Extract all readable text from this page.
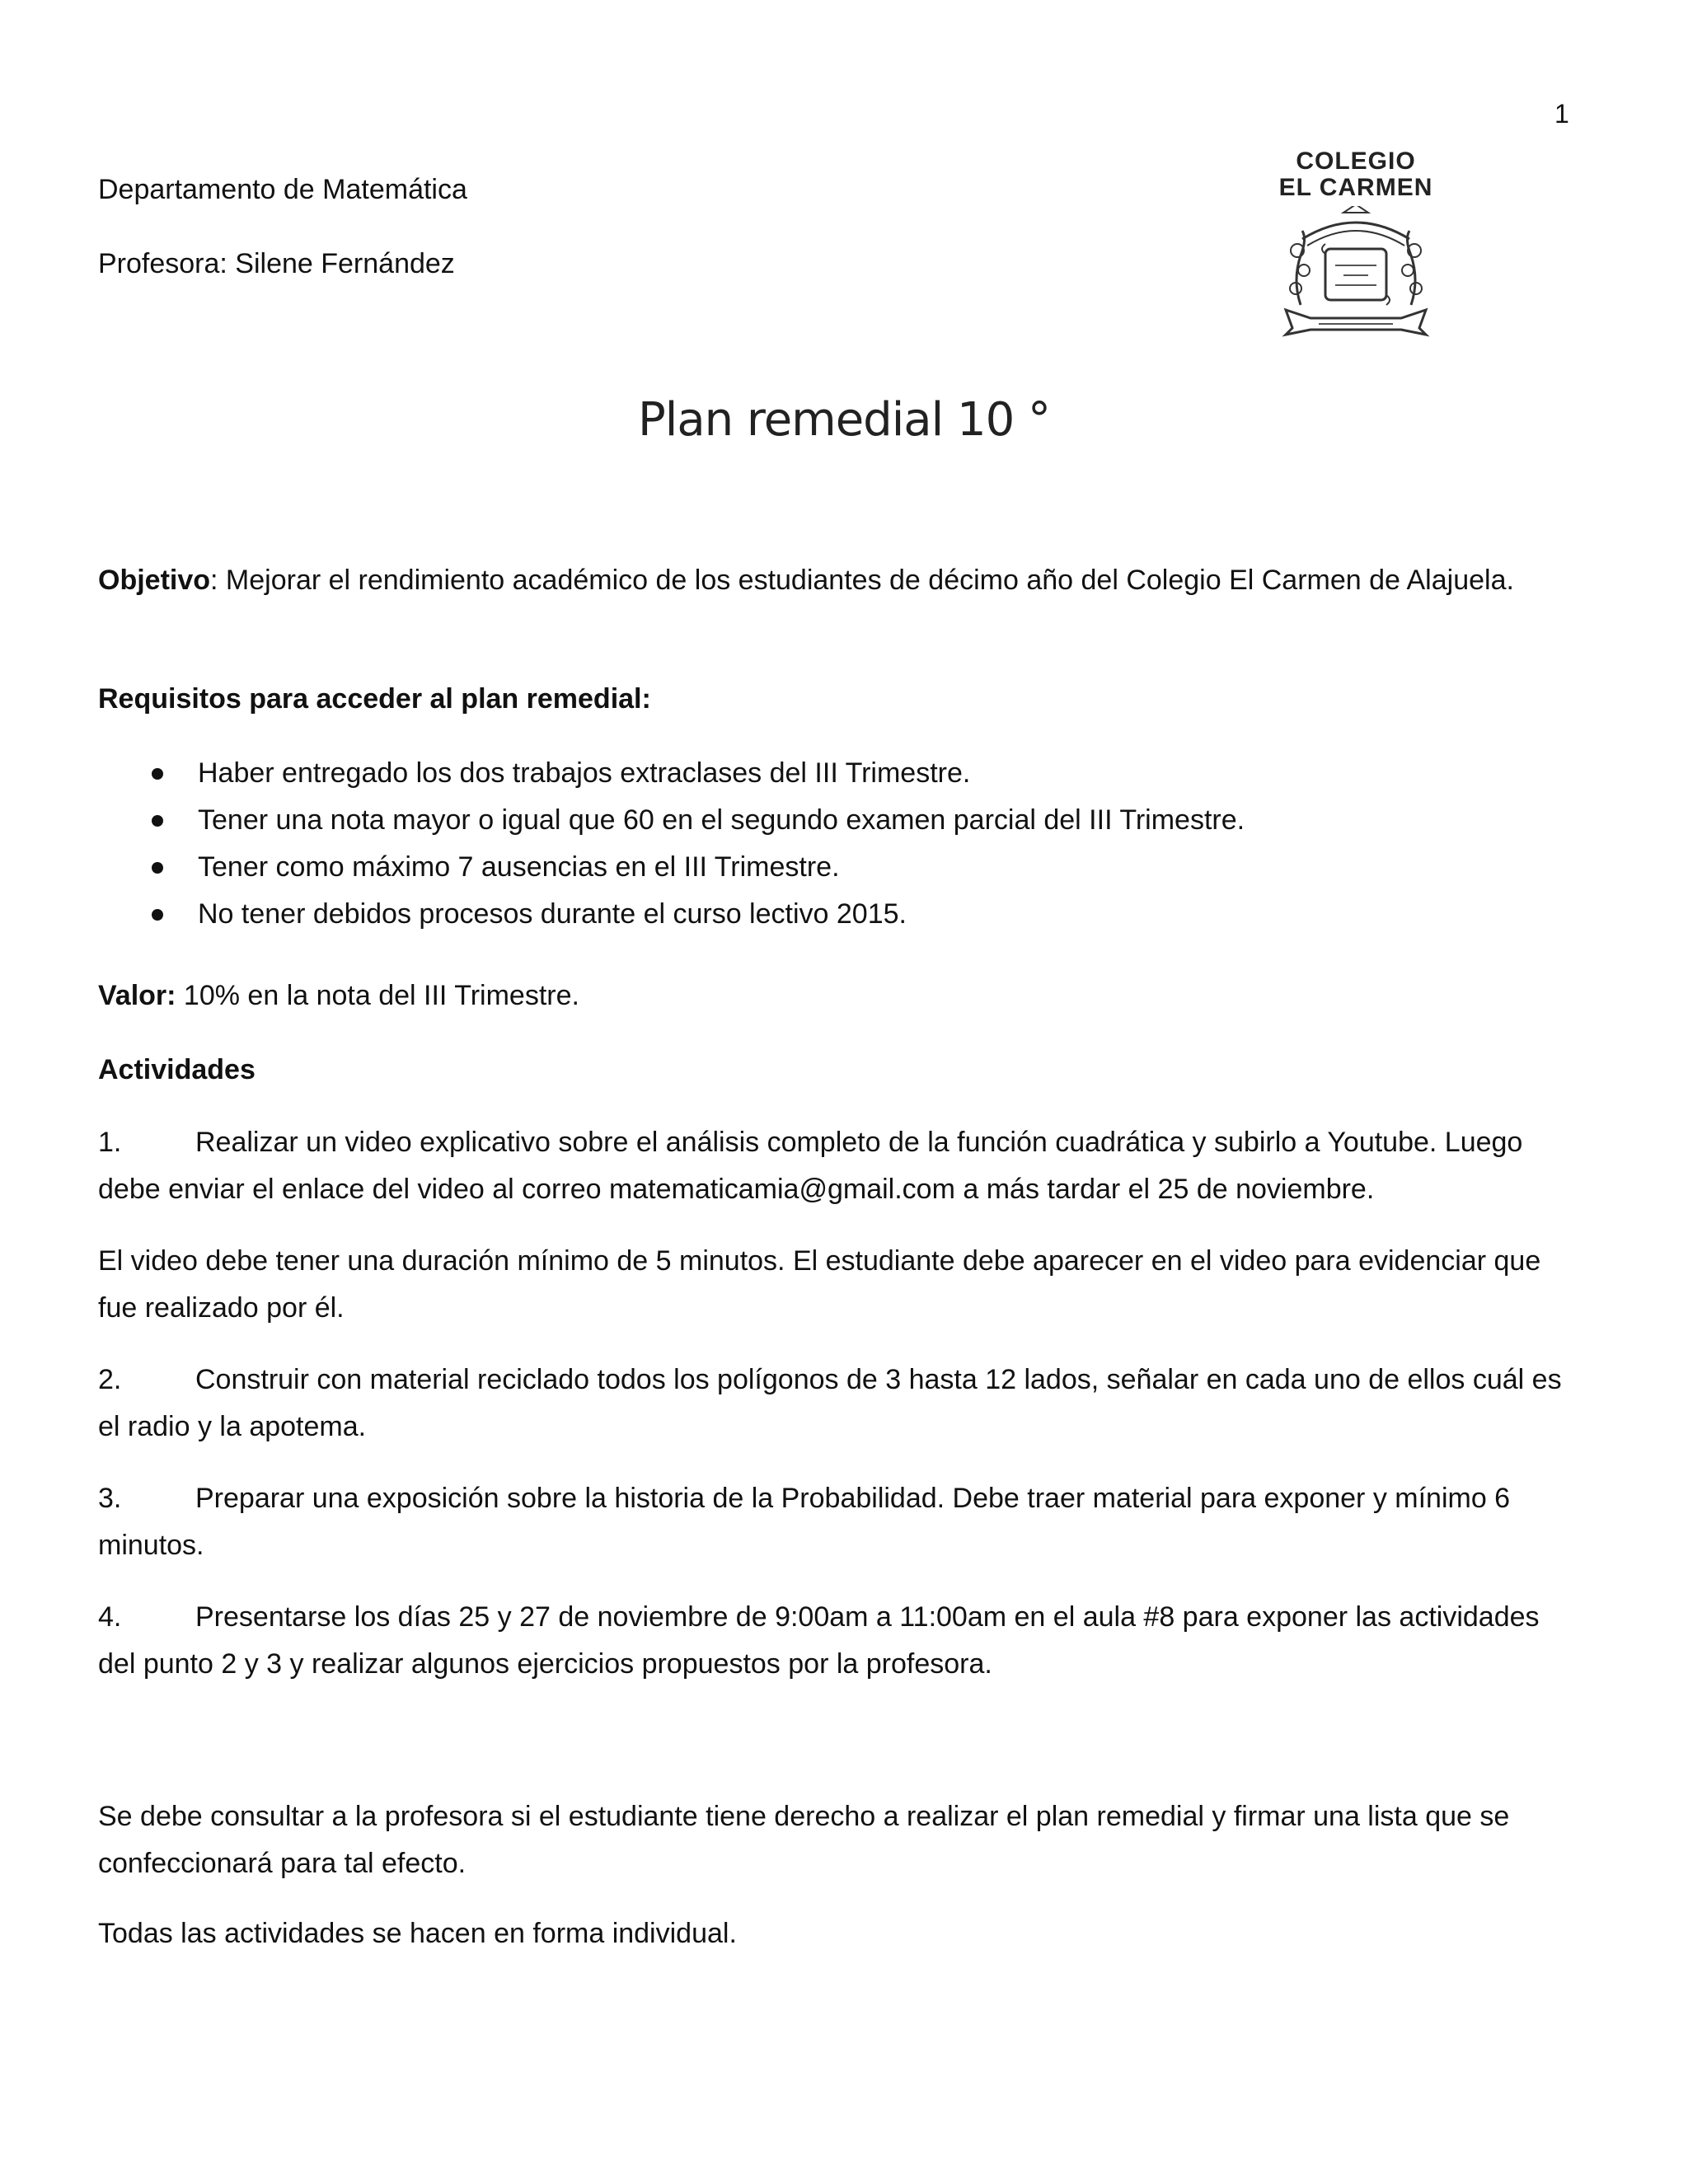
1
Departamento de Matemática
Profesora: Silene Fernández
COLEGIO
EL CARMEN
Plan remedial 10 °
Objetivo: Mejorar el rendimiento académico de los estudiantes de décimo año del Colegio El Carmen de Alajuela.
Requisitos para acceder al plan remedial:
Haber entregado los dos trabajos extraclases del III Trimestre.
Tener una nota mayor o igual que 60 en el segundo examen parcial del III Trimestre.
Tener como máximo 7 ausencias en el III Trimestre.
No tener debidos procesos durante el curso lectivo 2015.
Valor: 10% en la nota del III Trimestre.
Actividades
1.	Realizar un video explicativo sobre el análisis completo de la función cuadrática y subirlo a Youtube. Luego debe enviar el enlace del video al correo matematicamia@gmail.com a más tardar el 25 de noviembre.
El video debe tener una duración mínimo de 5 minutos. El estudiante debe aparecer en el video para evidenciar que fue realizado por él.
2.	Construir con material reciclado todos los polígonos de 3 hasta 12 lados, señalar en cada uno de ellos cuál es el radio y la apotema.
3.	Preparar una exposición sobre la historia de la Probabilidad. Debe traer material para exponer y mínimo 6 minutos.
4.	Presentarse los días 25 y 27 de noviembre de 9:00am a 11:00am en el aula #8 para exponer las actividades del punto 2 y 3 y realizar algunos ejercicios propuestos por la profesora.
Se debe consultar a la profesora si el estudiante tiene derecho a realizar el plan remedial y firmar una lista que se confeccionará para tal efecto.
Todas las actividades se hacen en forma individual.
